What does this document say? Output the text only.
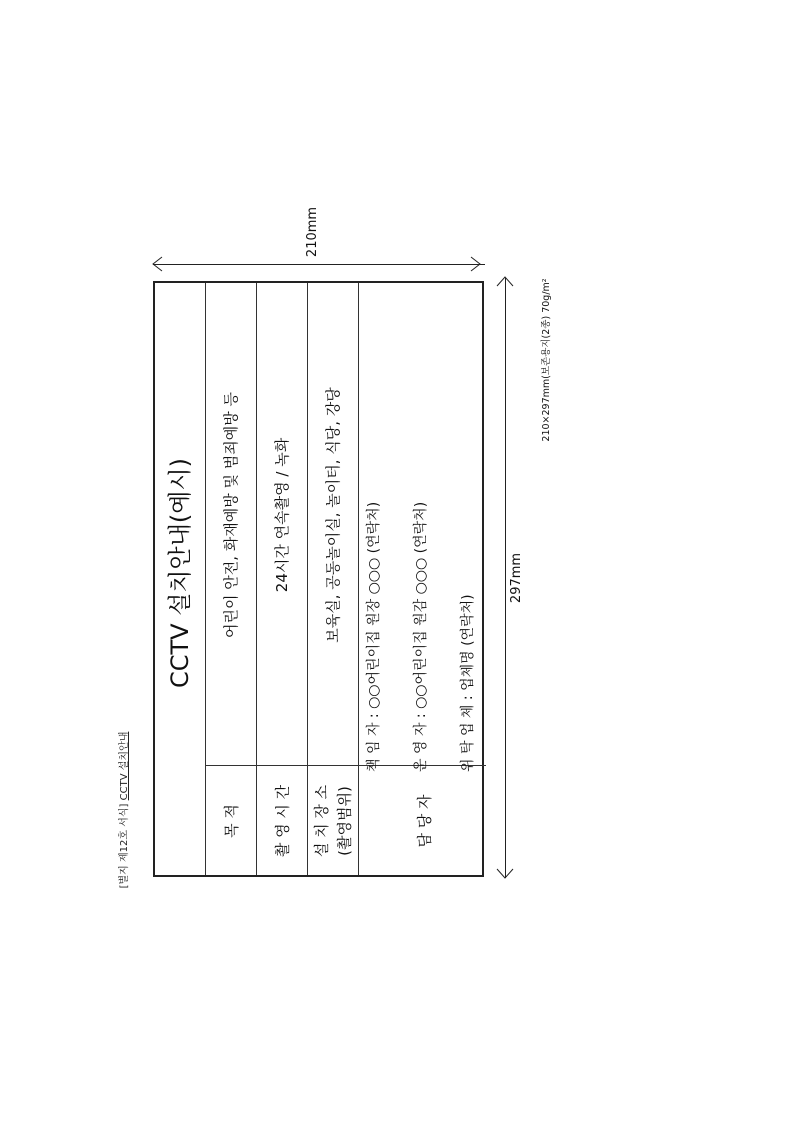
[별지 제12호 서식] CCTV 설치안내
210mm
297mm
210×297mm(보존용지(2종) 70g/m²
CCTV 설치안내(예시)
목 적
어린이 안전, 화재예방 및 범죄예방 등
촬 영 시 간
24시간 연속촬영 / 녹화
설 치 장 소 (촬영범위)
보육실, 공동놀이실, 놀이터, 식당, 강당
담 당 자
책 임 자 : ○○어린이집 원장 ○○○ (연락처) 운 영 자 : ○○어린이집 원감 ○○○ (연락처) 위 탁 업 체 : 업체명 (연락처)
